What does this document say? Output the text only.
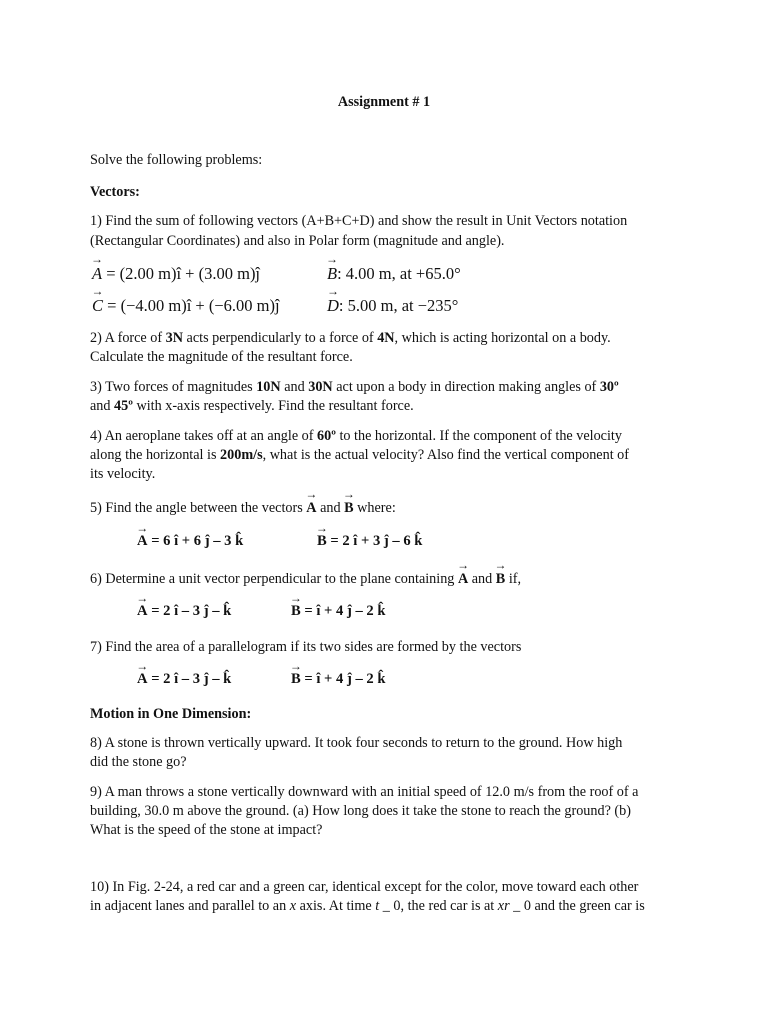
Assignment # 1

Solve the following problems:

Vectors:

1) Find the sum of following vectors (A+B+C+D) and show the result in Unit Vectors notation

(Rectangular Coordinates) and also in Polar form (magnitude and angle).

→ A = (2.00 m)î + (3.00 m)ĵ	→ B: 4.00 m, at +65.0°
→ C = (−4.00 m)î + (−6.00 m)ĵ	→ D: 5.00 m, at −235°

2) A force of 3N acts perpendicularly to a force of 4N, which is acting horizontal on a body.

Calculate the magnitude of the resultant force.

3) Two forces of magnitudes 10N and 30N act upon a body in direction making angles of 30º

and 45º with x-axis respectively. Find the resultant force.

4) An aeroplane takes off at an angle of 60º to the horizontal. If the component of the velocity

along the horizontal is 200m/s, what is the actual velocity? Also find the vertical component of

its velocity.

5) Find the angle between the vectors → A and → B where:

→ A = 6 î + 6 ĵ – 3 k̂	→ B = 2 î + 3 ĵ – 6 k̂

6) Determine a unit vector perpendicular to the plane containing → A and → B if,

→ A = 2 î – 3 ĵ – k̂	→ B = î + 4 ĵ – 2 k̂

7) Find the area of a parallelogram if its two sides are formed by the vectors

→ A = 2 î – 3 ĵ – k̂	→ B = î + 4 ĵ – 2 k̂

Motion in One Dimension:

8) A stone is thrown vertically upward. It took four seconds to return to the ground. How high

did the stone go?

9) A man throws a stone vertically downward with an initial speed of 12.0 m/s from the roof of a

building, 30.0 m above the ground. (a) How long does it take the stone to reach the ground? (b)

What is the speed of the stone at impact?

10) In Fig. 2-24, a red car and a green car, identical except for the color, move toward each other

in adjacent lanes and parallel to an x axis. At time t _ 0, the red car is at xr _ 0 and the green car is
